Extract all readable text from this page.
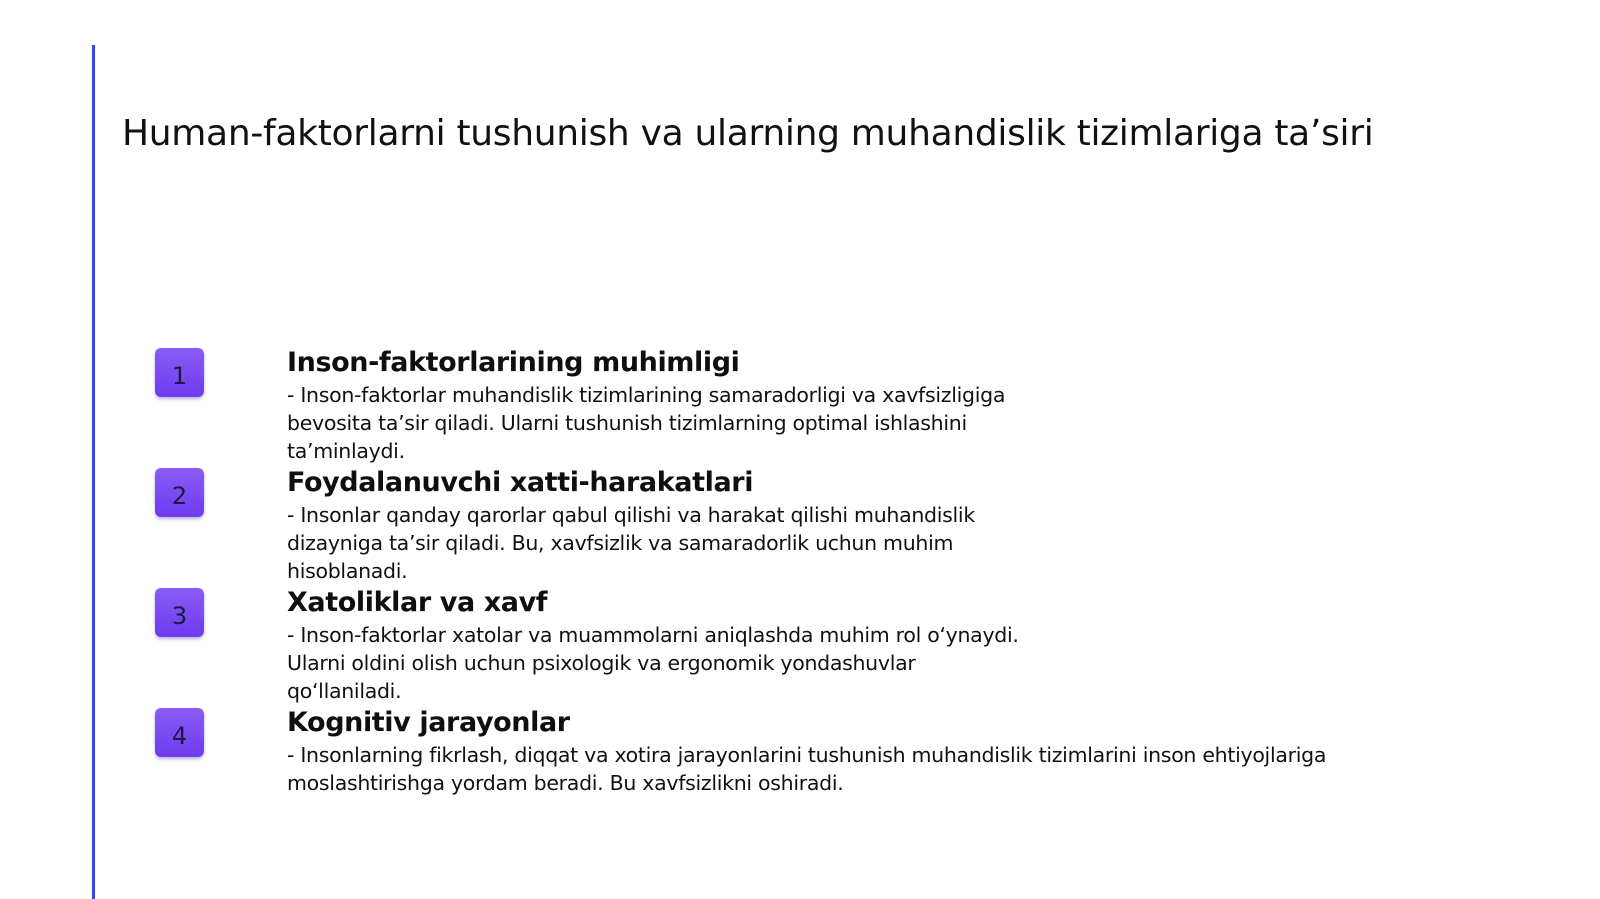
Human-faktorlarni tushunish va ularning muhandislik tizimlariga ta’siri
1	Inson-faktorlarining muhimligi
- Inson-faktorlar muhandislik tizimlarining samaradorligi va xavfsizligiga
bevosita ta’sir qiladi. Ularni tushunish tizimlarning optimal ishlashini
ta’minlaydi.
2	Foydalanuvchi xatti-harakatlari
- Insonlar qanday qarorlar qabul qilishi va harakat qilishi muhandislik
dizayniga ta’sir qiladi. Bu, xavfsizlik va samaradorlik uchun muhim
hisoblanadi.
3	Xatoliklar va xavf
- Inson-faktorlar xatolar va muammolarni aniqlashda muhim rol o‘ynaydi.
Ularni oldini olish uchun psixologik va ergonomik yondashuvlar
qo‘llaniladi.
4	Kognitiv jarayonlar
- Insonlarning fikrlash, diqqat va xotira jarayonlarini tushunish muhandislik tizimlarini inson ehtiyojlariga
moslashtirishga yordam beradi. Bu xavfsizlikni oshiradi.
